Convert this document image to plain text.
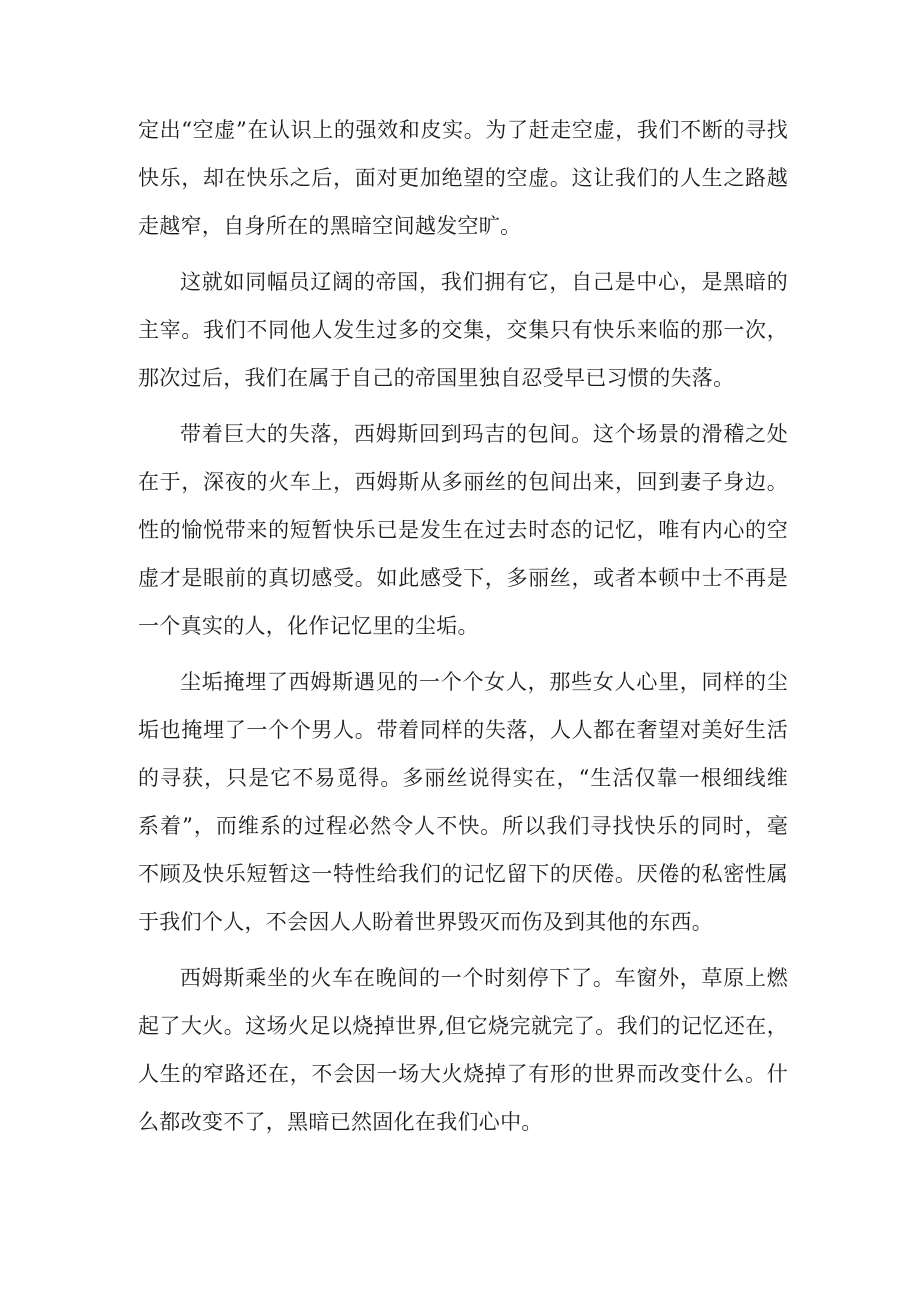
定出“空虚”在认识上的强效和皮实。为了赶走空虚，我们不断的寻找快乐，却在快乐之后，面对更加绝望的空虚。这让我们的人生之路越走越窄，自身所在的黑暗空间越发空旷。

这就如同幅员辽阔的帝国，我们拥有它，自己是中心，是黑暗的主宰。我们不同他人发生过多的交集，交集只有快乐来临的那一次，那次过后，我们在属于自己的帝国里独自忍受早已习惯的失落。

带着巨大的失落，西姆斯回到玛吉的包间。这个场景的滑稽之处在于，深夜的火车上，西姆斯从多丽丝的包间出来，回到妻子身边。性的愉悦带来的短暂快乐已是发生在过去时态的记忆，唯有内心的空虚才是眼前的真切感受。如此感受下，多丽丝，或者本顿中士不再是一个真实的人，化作记忆里的尘垢。

尘垢掩埋了西姆斯遇见的一个个女人，那些女人心里，同样的尘垢也掩埋了一个个男人。带着同样的失落，人人都在奢望对美好生活的寻获，只是它不易觅得。多丽丝说得实在，“生活仅靠一根细线维系着”，而维系的过程必然令人不快。所以我们寻找快乐的同时，毫不顾及快乐短暂这一特性给我们的记忆留下的厌倦。厌倦的私密性属于我们个人，不会因人人盼着世界毁灭而伤及到其他的东西。

西姆斯乘坐的火车在晚间的一个时刻停下了。车窗外，草原上燃起了大火。这场火足以烧掉世界,但它烧完就完了。我们的记忆还在，人生的窄路还在，不会因一场大火烧掉了有形的世界而改变什么。什么都改变不了，黑暗已然固化在我们心中。
